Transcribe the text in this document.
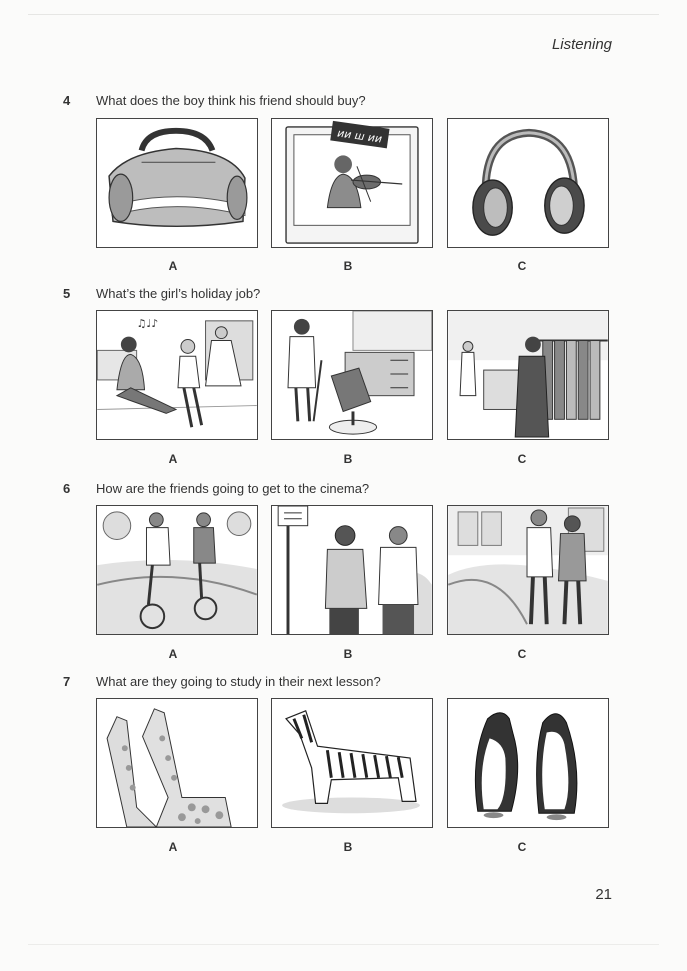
Listening
4 What does the boy think his friend should buy?
ии ш ии
A	B	C
5 What’s the girl’s holiday job?
♫♩♪
A	B	C
6 How are the friends going to get to the cinema?
A	B	C
7 What are they going to study in their next lesson?
A	B	C
21
